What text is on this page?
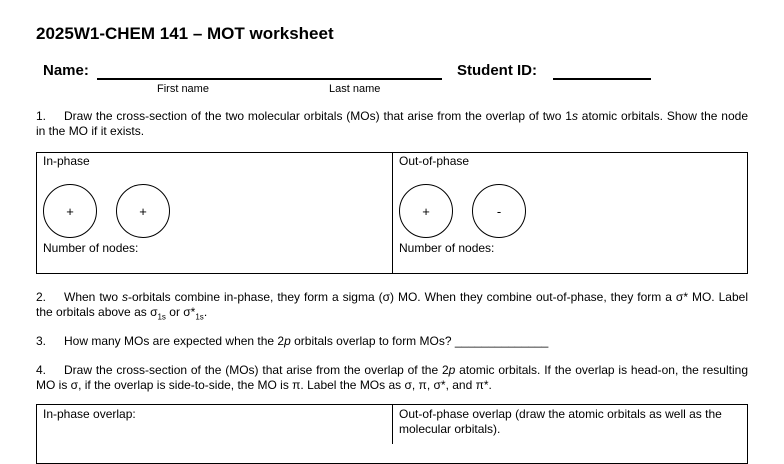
2025W1-CHEM 141 – MOT worksheet
Name:
First name	Last name
Student ID:
1. Draw the cross-section of the two molecular orbitals (MOs) that arise from the overlap of two 1s atomic orbitals. Show the node in the MO if it exists.
In-phase
+	+
Number of nodes:
Out-of-phase
+	-
Number of nodes:
2. When two s-orbitals combine in-phase, they form a sigma (σ) MO. When they combine out-of-phase, they form a σ* MO. Label the orbitals above as $\sigma_{1s}$ or $\sigma*_{1s}$.
3. How many MOs are expected when the 2p orbitals overlap to form MOs? ______________
4. Draw the cross-section of the (MOs) that arise from the overlap of the 2p atomic orbitals. If the overlap is head-on, the resulting MO is σ, if the overlap is side-to-side, the MO is π. Label the MOs as σ, π, σ*, and π*.
In-phase overlap:	Out-of-phase overlap (draw the atomic orbitals as well as the molecular orbitals).
